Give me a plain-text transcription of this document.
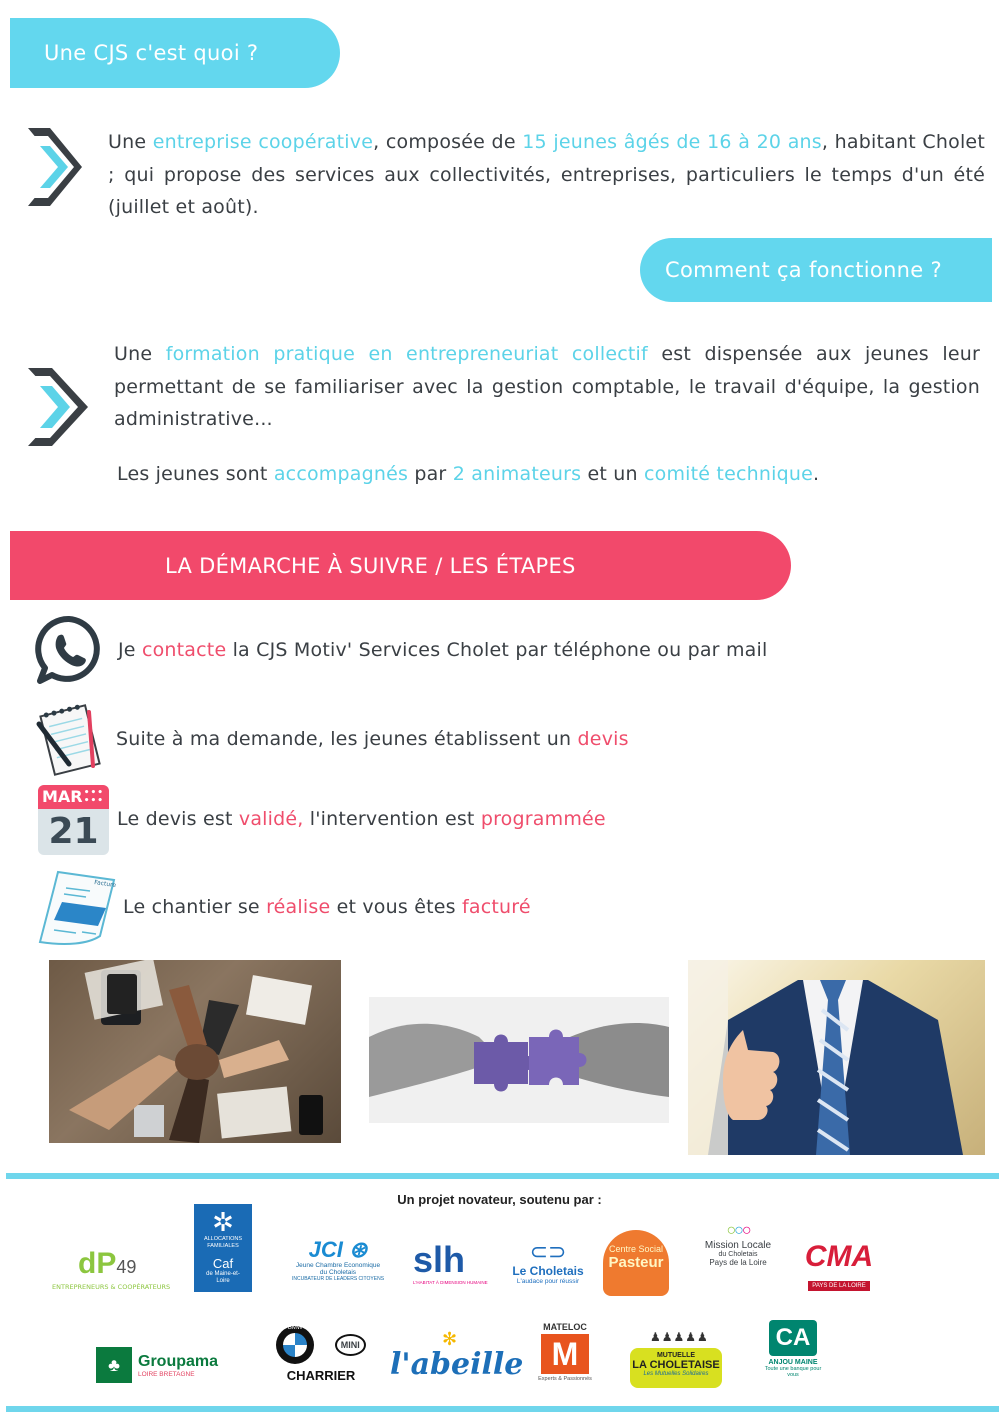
Une CJS c'est quoi ?
Une entreprise coopérative, composée de 15 jeunes âgés de 16 à 20 ans, habitant Cholet ; qui propose des services aux collectivités, entreprises, particuliers le temps d'un été (juillet et août).
Comment ça fonctionne ?
Une formation pratique en entrepreneuriat collectif est dispensée aux jeunes leur permettant de se familiariser avec la gestion comptable, le travail d'équipe, la gestion administrative...
Les jeunes sont accompagnés par 2 animateurs et un comité technique.
LA DÉMARCHE À SUIVRE / LES ÉTAPES
Je contacte la CJS Motiv' Services Cholet par téléphone ou par mail
Suite à ma demande, les jeunes établissent un devis
MAR •••
•••
21 Le devis est validé, l'intervention est programmée
Facture
Le chantier se réalise et vous êtes facturé
Un projet novateur, soutenu par :
dP49
ENTREPRENEURS & COOPÉRATEURS
✲
ALLOCATIONS FAMILIALES
Caf
de Maine-et-Loire
JCI ⊛
Jeune Chambre Economique
du Choletais
INCUBATEUR DE LEADERS CITOYENS slh
L'HABITAT À DIMENSION HUMAINE
⊂⊃
Le Choletais
L'audace pour réussir
Centre Social
Pasteur
○○○
Mission Locale
du Choletais
Pays de la Loire CMA
PAYS DE LA LOIRE
♣	Groupama
LOIRE BRETAGNE
BMW
MINI
CHARRIER
✻
l'abeille
MATELOC
M
Experts & Passionnés
♟♟♟♟♟
MUTUELLE
LA CHOLETAISE
Les Mutuelles Solidaires
CA
ANJOU MAINE
Toute une banque pour vous
